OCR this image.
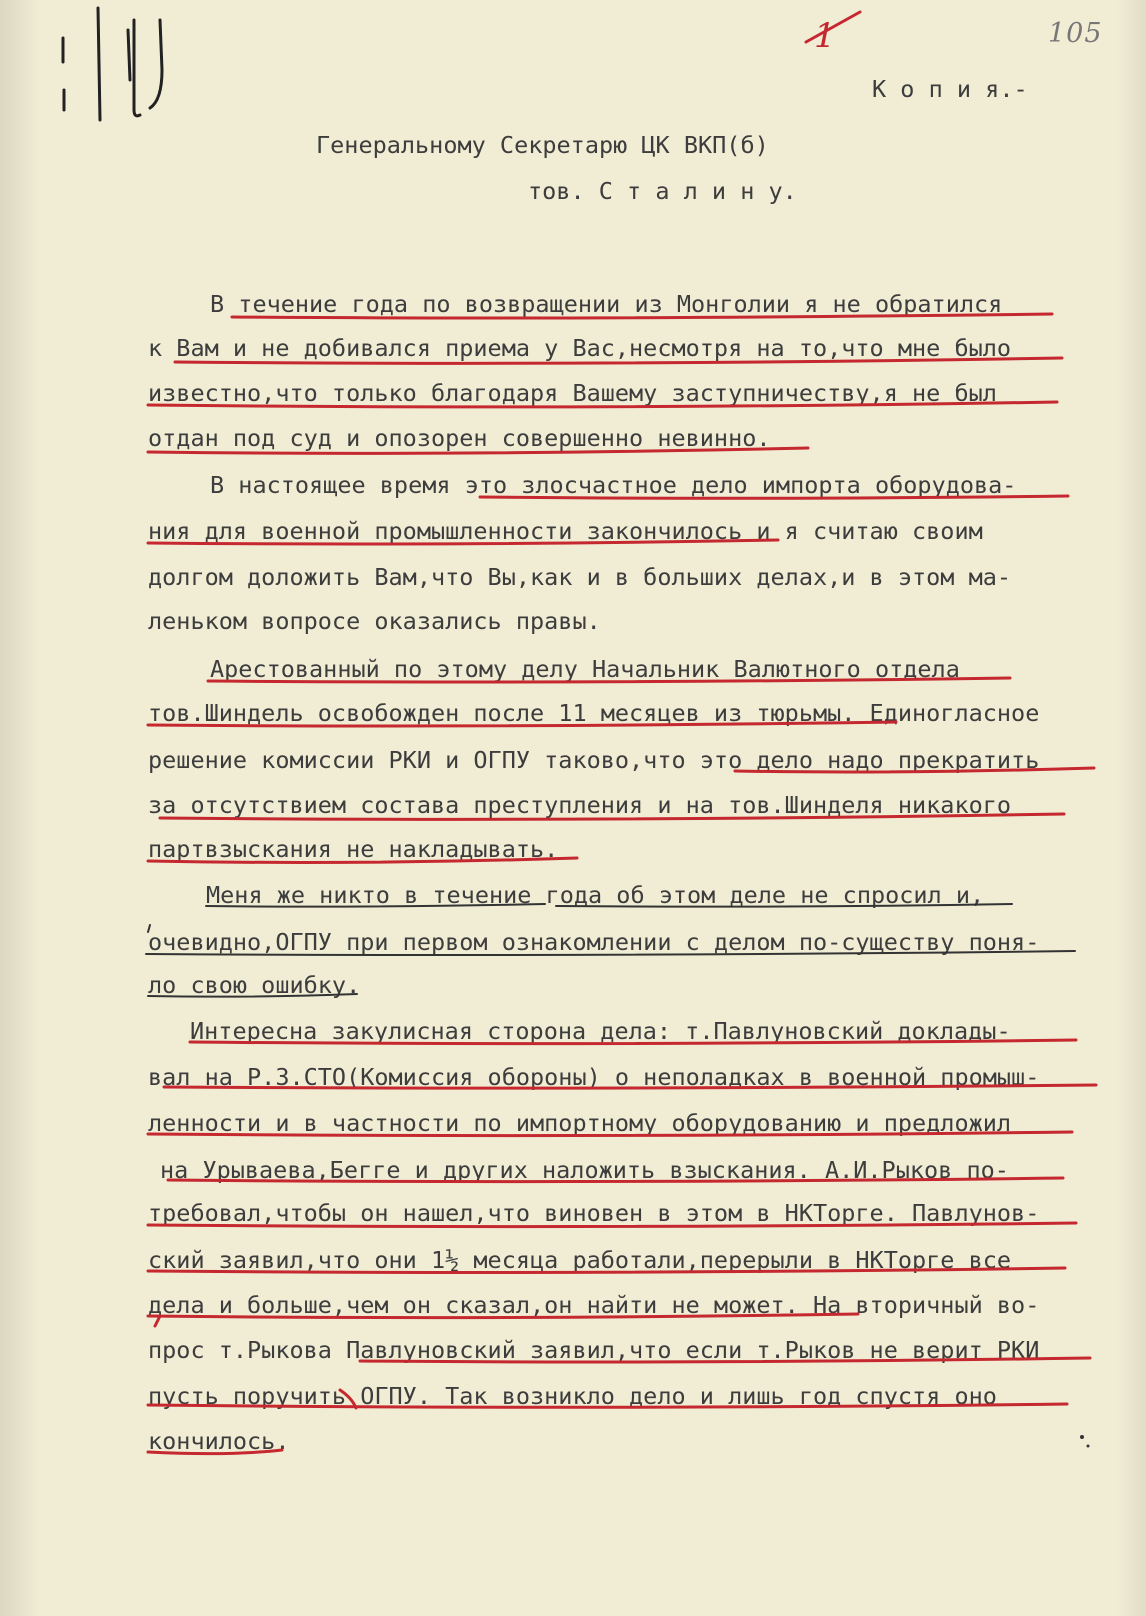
105
1
К о п и я.-
Генеральному Секретарю ЦК ВКП(б)
тов. С т а л и н у.
В течение года по возвращении из Монголии я не обратился
к Вам и не добивался приема у Вас,несмотря на то,что мне было
известно,что только благодаря Вашему заступничеству,я не был
отдан под суд и опозорен совершенно невинно.
В настоящее время это злосчастное дело импорта оборудова-
ния для военной промышленности закончилось и я считаю своим
долгом доложить Вам,что Вы,как и в больших делах,и в этом ма-
леньком вопросе оказались правы.
Арестованный по этому делу Начальник Валютного отдела
тов.Шиндель освобожден после 11 месяцев из тюрьмы. Единогласное
решение комиссии РКИ и ОГПУ таково,что это дело надо прекратить
за отсутствием состава преступления и на тов.Шинделя никакого
партвзыскания не накладывать.
Меня же никто в течение года об этом деле не спросил и,
очевидно,ОГПУ при первом ознакомлении с делом по-существу поня-
ло свою ошибку.
Интересна закулисная сторона дела: т.Павлуновский доклады-
вал на Р.З.СТО(Комиссия обороны) о неполадках в военной промыш-
ленности и в частности по импортному оборудованию и предложил
на Урываева,Бегге и других наложить взыскания. А.И.Рыков по-
требовал,чтобы он нашел,что виновен в этом в НКТорге. Павлунов-
ский заявил,что они 1½ месяца работали,перерыли в НКТорге все
дела и больше,чем он сказал,он найти не может. На вторичный во-
прос т.Рыкова Павлуновский заявил,что если т.Рыков не верит РКИ
пусть поручить ОГПУ. Так возникло дело и лишь год спустя оно
кончилось.
